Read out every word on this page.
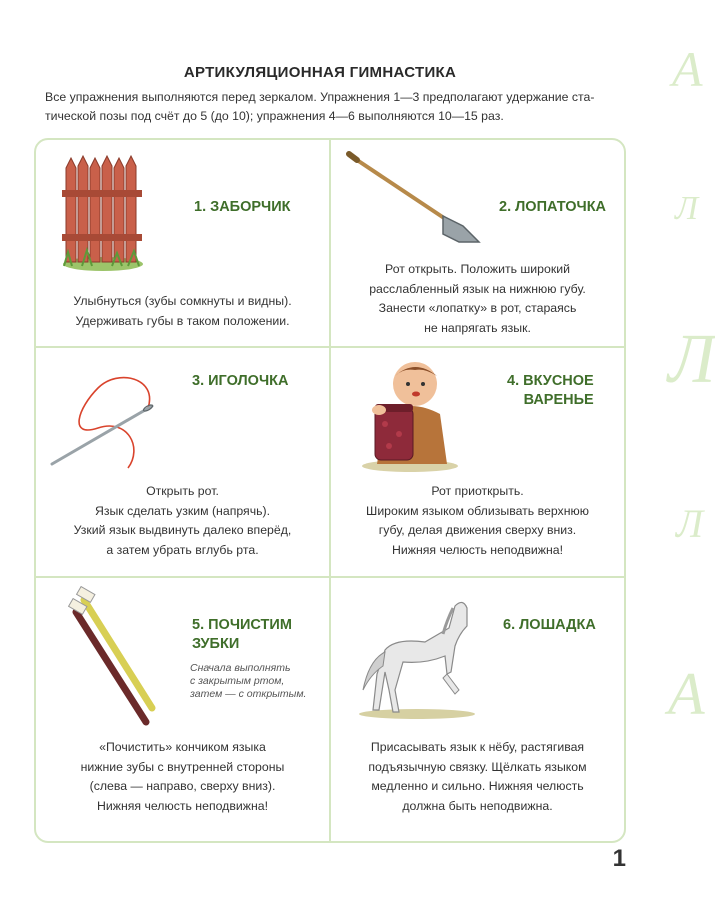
А
Л
Л
Л
А
АРТИКУЛЯЦИОННАЯ ГИМНАСТИКА
Все упражнения выполняются перед зеркалом. Упражнения 1—3 предполагают удержание ста-
тической позы под счёт до 5 (до 10); упражнения 4—6 выполняются 10—15 раз.
1. ЗАБОРЧИК
Улыбнуться (зубы сомкнуты и видны).
Удерживать губы в таком положении.
2. ЛОПАТОЧКА
Рот открыть. Положить широкий
расслабленный язык на нижнюю губу.
Занести «лопатку» в рот, стараясь
не напрягать язык.
3. ИГОЛОЧКА
Открыть рот.
Язык сделать узким (напрячь).
Узкий язык выдвинуть далеко вперёд,
а затем убрать вглубь рта.
4. ВКУСНОЕ
ВАРЕНЬЕ
Рот приоткрыть.
Широким языком облизывать верхнюю
губу, делая движения сверху вниз.
Нижняя челюсть неподвижна!
5. ПОЧИСТИМ
ЗУБКИ
Сначала выполнять
с закрытым ртом,
затем — с открытым.
«Почистить» кончиком языка
нижние зубы с внутренней стороны
(слева — направо, сверху вниз).
Нижняя челюсть неподвижна!
6. ЛОШАДКА
Присасывать язык к нёбу, растягивая
подъязычную связку. Щёлкать языком
медленно и сильно. Нижняя челюсть
должна быть неподвижна.
1
